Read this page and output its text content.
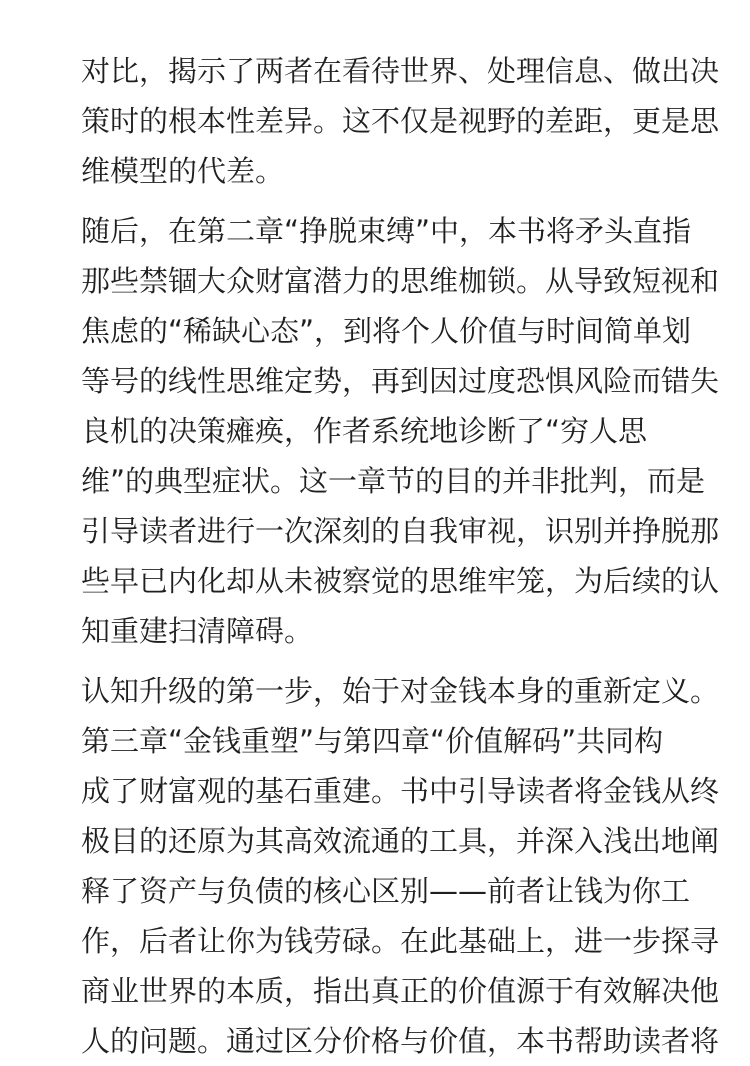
对比，揭示了两者在看待世界、处理信息、做出决
策时的根本性差异。这不仅是视野的差距，更是思
维模型的代差。
随后，在第二章“挣脱束缚”中，本书将矛头直指
那些禁锢大众财富潜力的思维枷锁。从导致短视和
焦虑的“稀缺心态”，到将个人价值与时间简单划
等号的线性思维定势，再到因过度恐惧风险而错失
良机的决策瘫痪，作者系统地诊断了“穷人思
维”的典型症状。这一章节的目的并非批判，而是
引导读者进行一次深刻的自我审视，识别并挣脱那
些早已内化却从未被察觉的思维牢笼，为后续的认
知重建扫清障碍。
认知升级的第一步，始于对金钱本身的重新定义。
第三章“金钱重塑”与第四章“价值解码”共同构
成了财富观的基石重建。书中引导读者将金钱从终
极目的还原为其高效流通的工具，并深入浅出地阐
释了资产与负债的核心区别——前者让钱为你工
作，后者让你为钱劳碌。在此基础上，进一步探寻
商业世界的本质，指出真正的价值源于有效解决他
人的问题。通过区分价格与价值，本书帮助读者将
